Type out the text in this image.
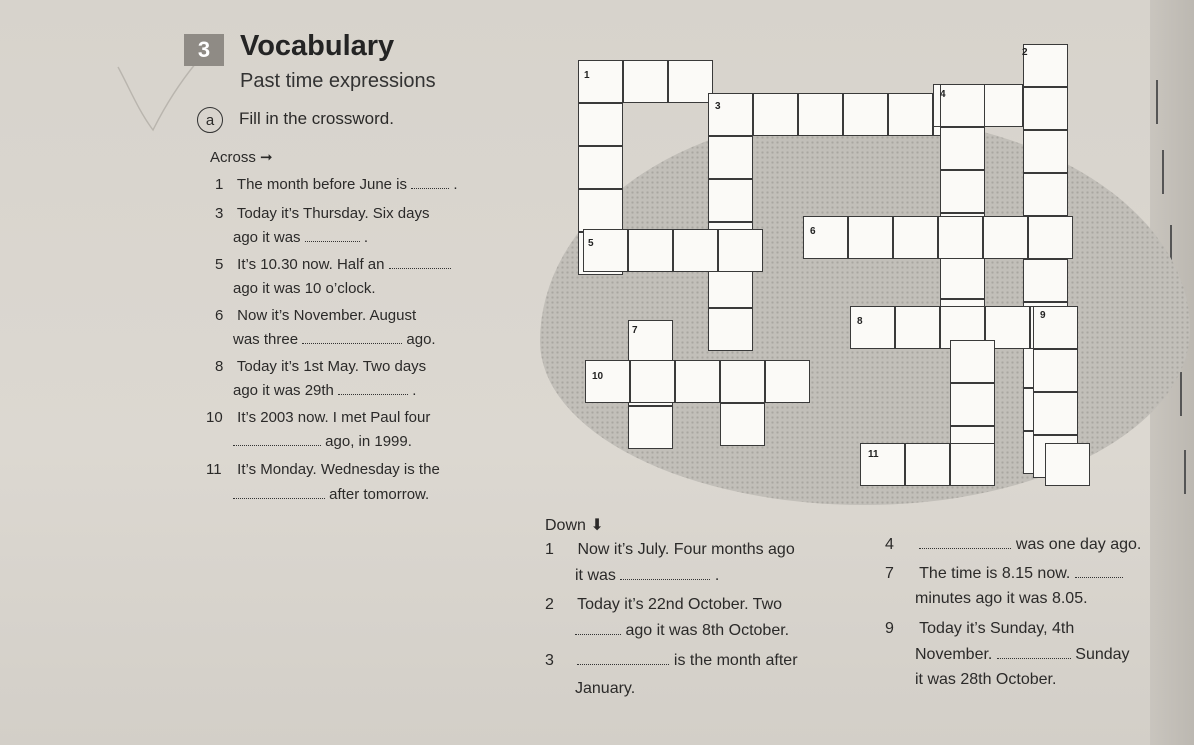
3	Vocabulary
Past time expressions
a	Fill in the crossword.
Across ➞
1 The month before June is	.
3 Today it’s Thursday. Six days
ago it was	.
5 It’s 10.30 now. Half an
ago it was 10 o’clock.
6 Now it’s November. August
was three	ago.
8 Today it’s 1st May. Two days
ago it was 29th	.
10 It’s 2003 now. I met Paul four
ago, in 1999.
11 It’s Monday. Wednesday is the
after tomorrow.
1
2
3
4
5
6
7
8
9
10
11
Down ⬇
1 Now it’s July. Four months ago
it was	.
2 Today it’s 22nd October. Two
ago it was 8th October.
3	is the month after
January.
4	was one day ago.
7 The time is 8.15 now.
minutes ago it was 8.05.
9 Today it’s Sunday, 4th
November.	Sunday
it was 28th October.
